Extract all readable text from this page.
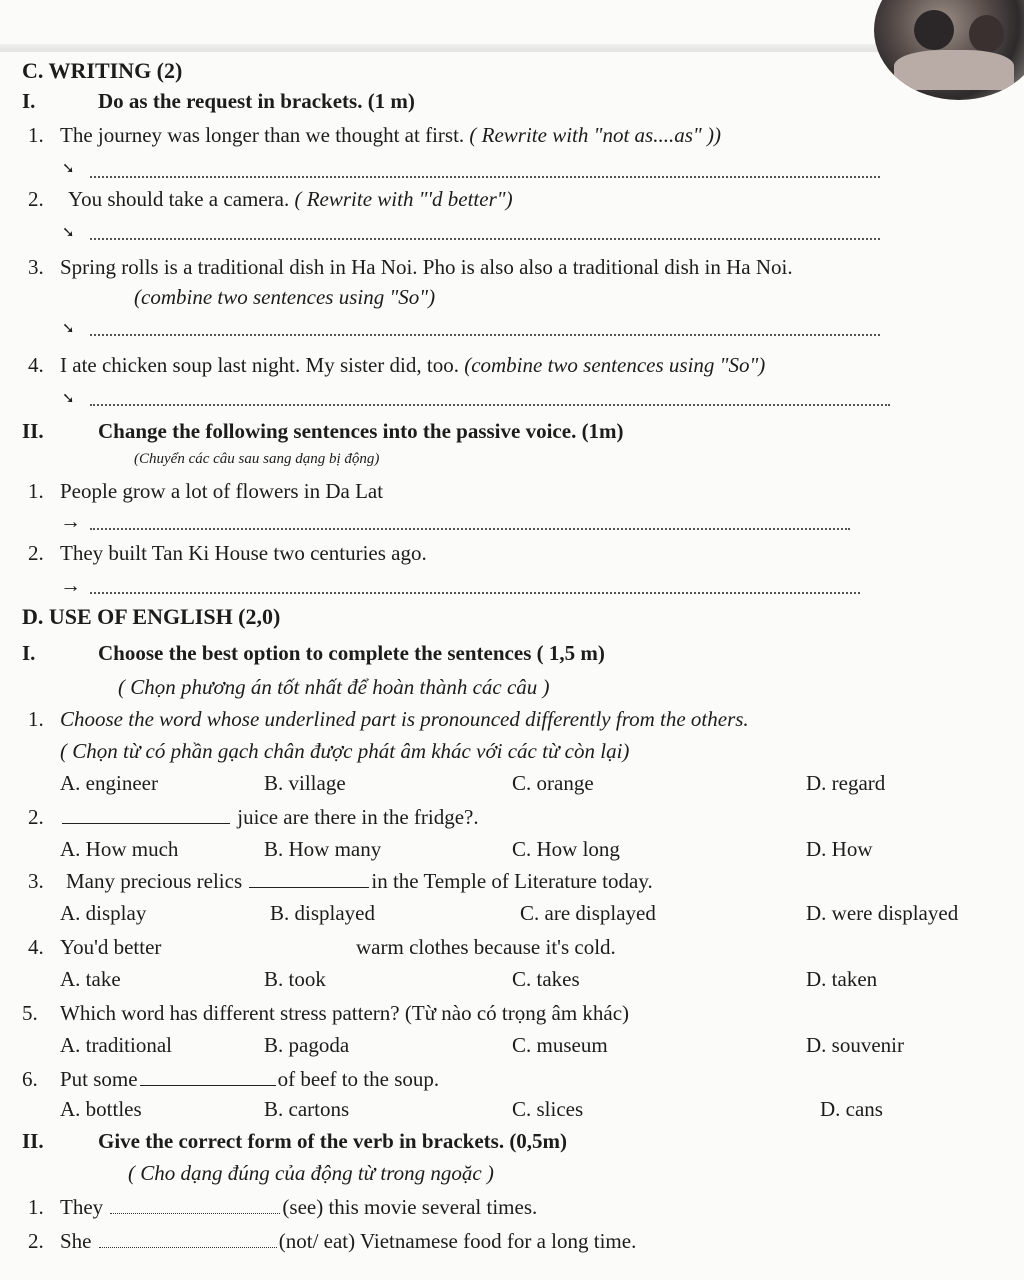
C. WRITING (2)
I.	Do as the request in brackets. (1 m)
1. The journey was longer than we thought at first. ( Rewrite with "not as....as" ))
➘
2. You should take a camera. ( Rewrite with "'d better")
➘
3. Spring rolls is a traditional dish in Ha Noi. Pho is also also a traditional dish in Ha Noi.
(combine two sentences using "So")
➘
4. I ate chicken soup last night. My sister did, too. (combine two sentences using "So")
➘
II.	Change the following sentences into the passive voice. (1m)
(Chuyển các câu sau sang dạng bị động)
1. People grow a lot of flowers in Da Lat
→
2. They built Tan Ki House two centuries ago.
→
D. USE OF ENGLISH (2,0)
I.	Choose the best option to complete the sentences ( 1,5 m)
( Chọn phương án tốt nhất để hoàn thành các câu )
1. Choose the word whose underlined part is pronounced differently from the others.
( Chọn từ có phần gạch chân được phát âm khác với các từ còn lại)
A. engineer	B. village	C. orange	D. regard
2.	juice are there in the fridge?.
A. How much	B. How many	C. How long	D. How
3. Many precious relics	in the Temple of Literature today.
A. display	B. displayed	C. are displayed	D. were displayed
4. You'd better	warm clothes because it's cold.
A. take	B. took	C. takes	D. taken
5. Which word has different stress pattern? (Từ nào có trọng âm khác)
A. traditional	B. pagoda	C. museum	D. souvenir
6. Put some	of beef to the soup.
A. bottles	B. cartons	C. slices	D. cans
II.	Give the correct form of the verb in brackets. (0,5m)
( Cho dạng đúng của động từ trong ngoặc )
1. They	(see) this movie several times.
2. She	(not/ eat) Vietnamese food for a long time.
